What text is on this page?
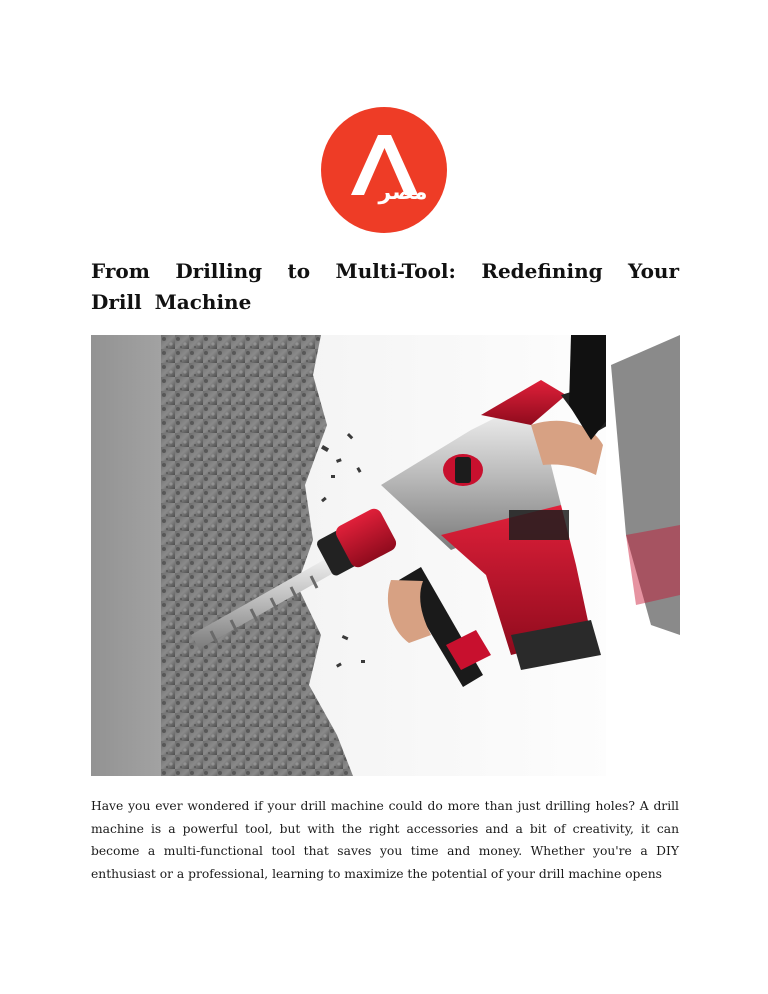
مصر
From Drilling to Multi-Tool: Redefining Your Drill Machine

Have you ever wondered if your drill machine could do more than just drilling holes? A drill machine is a powerful tool, but with the right accessories and a bit of creativity, it can become a multi-functional tool that saves you time and money. Whether you're a DIY enthusiast or a professional, learning to maximize the potential of your drill machine opens
